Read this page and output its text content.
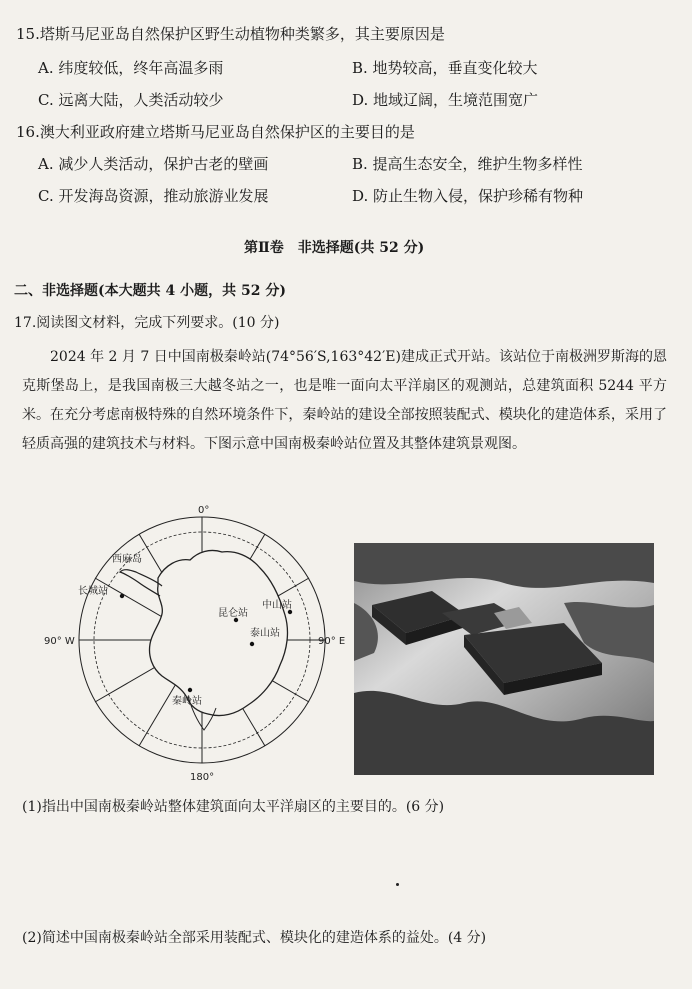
15.塔斯马尼亚岛自然保护区野生动植物种类繁多，其主要原因是
A. 纬度较低，终年高温多雨	B. 地势较高，垂直变化较大
C. 远离大陆，人类活动较少	D. 地域辽阔，生境范围宽广
16.澳大利亚政府建立塔斯马尼亚岛自然保护区的主要目的是
A. 减少人类活动，保护古老的壁画	B. 提高生态安全，维护生物多样性
C. 开发海岛资源，推动旅游业发展	D. 防止生物入侵，保护珍稀有物种
第Ⅱ卷　非选择题(共 52 分)
二、非选择题(本大题共 4 小题，共 52 分)
17.阅读图文材料，完成下列要求。(10 分)
2024 年 2 月 7 日中国南极秦岭站(74°56′S,163°42′E)建成正式开站。该站位于南极洲罗斯海的恩克斯堡岛上，是我国南极三大越冬站之一，也是唯一面向太平洋扇区的观测站，总建筑面积 5244 平方米。在充分考虑南极特殊的自然环境条件下，秦岭站的建设全部按照装配式、模块化的建造体系，采用了轻质高强的建筑技术与材料。下图示意中国南极秦岭站位置及其整体建筑景观图。
0°
180°
90° W	90° E
西麻岛
长城站
昆仑站
中山站
泰山站
秦岭站
(1)指出中国南极秦岭站整体建筑面向太平洋扇区的主要目的。(6 分)
(2)简述中国南极秦岭站全部采用装配式、模块化的建造体系的益处。(4 分)
